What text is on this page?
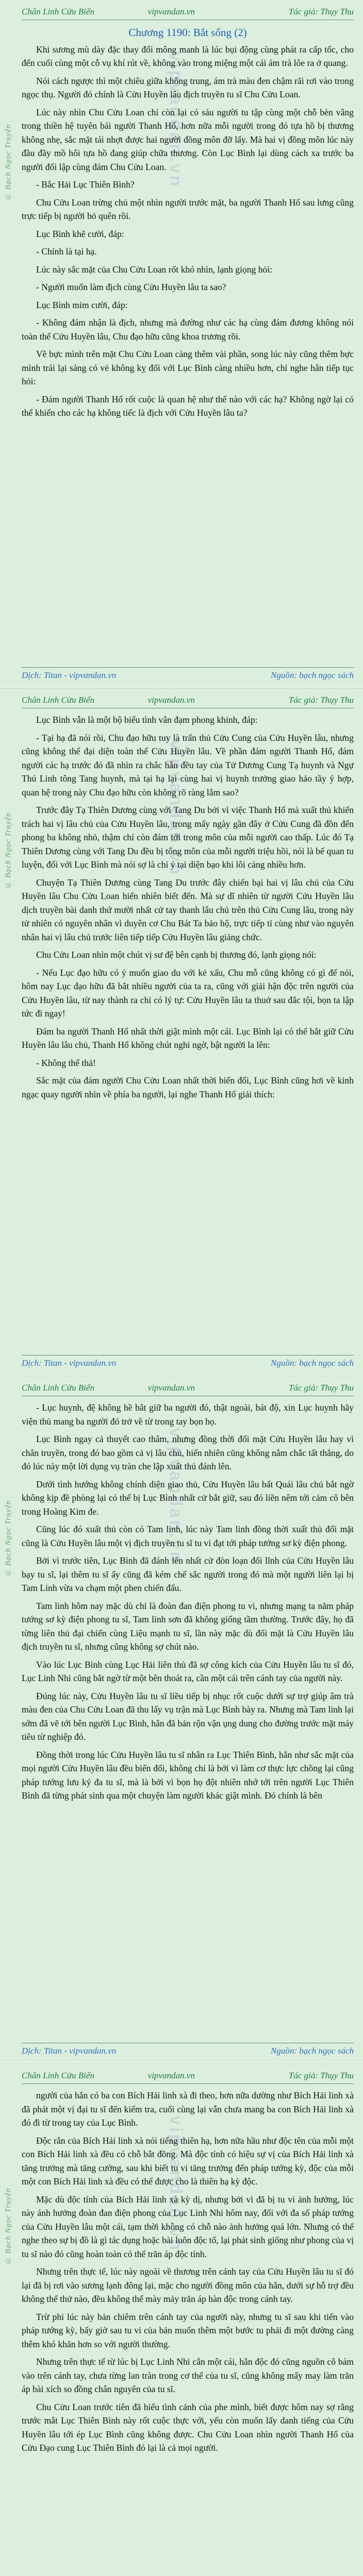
© Bạch Ngọc Truyện
Chân Linh Cửu Biến	vipvandan.vn	Tác giả: Thụy Thu
vipvandan.vn
Chương 1190: Bắt sống (2)

Khi sương mù dày đặc thay đổi mông manh là lúc bụi động cùng phát ra cấp tốc, cho đến cuối cùng một cỗ vụ khí rút về, không vào trong miệng một cái ám trà lôe ra ở quang.

Nói cách ngược thì một chiêu giữa không trung, ám trà màu đen chậm rãi rơi vào trong ngọc thụ. Người đó chính là Cửu Huyền lâu địch truyền tu sĩ Chu Cửu Loan.

Lúc này nhìn Chu Cửu Loan chỉ còn lại có sáu người tu tập cùng một chỗ bèn vâng trong thiền hệ tuyên bái người Thanh Hổ, hơn nữa mỗi người trong đó tựa hồ bị thương không nhẹ, sắc mặt tái nhợt được hai người đồng môn đỡ lấy. Mà hai vị đồng môn lúc này đầu đầy mồ hôi tựa hồ đang giúp chữa thương. Còn Lục Bình lại dùng cách xa trước ba người đối lập cùng đám Chu Cửu Loan.

- Bắc Hải Lục Thiên Bình?

Chu Cửu Loan trừng chủ một nhìn người trước mặt, ba người Thanh Hổ sau lưng cũng trực tiếp bị người bỏ quên rồi.

Lục Bình khẽ cười, đáp:

- Chính là tại hạ.

Lúc này sắc mặt của Chu Cửu Loan rốt khó nhìn, lạnh giọng hỏi:

- Người muốn làm địch cùng Cửu Huyền lâu ta sao?

Lục Bình mỉm cười, đáp:

- Không đám nhận là địch, nhưng mà đường như các hạ cùng đám đương không nói toàn thể Cửu Huyền lâu, Chu đạo hữu cũng khoa trương rồi.

Về bực mình trên mặt Chu Cửu Loan càng thêm vài phần, song lúc này cũng thêm bực mình trái lại sáng có vẻ không kỵ đối với Lục Bình càng nhiều hơn, chỉ nghe hắn tiếp tục hỏi:

- Đám người Thanh Hổ rốt cuộc là quan hệ như thế nào với các hạ? Không ngờ lại có thể khiến cho các hạ không tiếc là địch với Cửu Huyền lâu ta?

Dịch: Titan - vipvandan.vn	Nguồn: bạch ngọc sách
© Bạch Ngọc Truyện
Chân Linh Cửu Biến	vipvandan.vn	Tác giả: Thụy Thu
vipvandan.vn

Lục Bình vẫn là một bộ biểu tình vân đạm phong khinh, đáp:

- Tại hạ đã nói rồi, Chu đạo hữu tuy là trấn thủ Cửu Cung của Cửu Huyền lâu, nhưng cũng không thể đại diện toàn thể Cửu Huyền lâu. Về phần đám người Thanh Hổ, đám người các hạ trước đó đã nhìn ra chắc hẳn đều tay của Tử Dương Cung Tạ huynh và Ngự Thú Linh tông Tang huynh, mà tại hạ lại cùng hai vị huynh trưởng giao hảo tầy ý hợp, quan hệ trong này Chu đạo hữu còn không rõ ràng lắm sao?

Trước đây Tạ Thiên Dương cùng với Tang Du bởi vì việc Thanh Hổ mà xuất thủ khiến trách hai vị lâu chủ của Cửu Huyền lâu, trong mấy ngày gần đây ở Cửu Cung đã đồn đến phong ba không nhỏ, thậm chí còn đám tới trong môn của mỗi người cao thấp. Lúc đó Tạ Thiên Dương cùng với Tang Du đều bị tông môn của mỗi người triệu hồi, nói là bế quan tu luyện, đối với Lục Bình mà nói sợ là chỉ ý tại diện bạo khi lôi cảng nhiều hơn.

Chuyện Tạ Thiên Dương cùng Tang Du trước đây chiến bại hai vị lâu chủ của Cửu Huyền lâu Chu Cửu Loan hiển nhiên biết đến. Mà sự dĩ nhiên từ người Cửu Huyền lâu dịch truyền bài danh thứ mười nhất cử tay thanh lâu chủ trên thủ Cửu Cung lâu, trong này tử nhiên có nguyên nhân vì duyên cơ Chu Bát Ta bảo hộ, trực tiếp tỉ cùng như vào nguyên nhân hai vị lâu chủ trước liên tiếp tiếp Cửu Huyền lâu giảng chức.

Chu Cửu Loan nhìn một chút vị sư đệ bên cạnh bị thương đó, lạnh giọng nói:

- Nếu Lục đạo hữu có ý muốn giao du với kẻ xấu, Chu mỗ cũng không có gì để nói, hôm nay Lục đạo hữu đã bắt nhiều người của ta ra, cũng với giải hận độc trên người của Cửu Huyền lâu, từ nay thành ra chỉ có lý tự: Cửu Huyền lâu ta thuở sau đắc tội, bọn ta lập tức đi ngay!

Đám ba người Thanh Hổ nhất thời giật mình một cái. Lục Bình lại có thể bắt giữ Cửu Huyền lâu lâu chủ, Thanh Hổ không chút nghi ngờ, bật người la lên:

- Không thể thả!

Sắc mặt của đám người Chu Cửu Loan nhất thời biến đổi, Lục Bình cũng hơi về kinh ngạc quay người nhìn về phía ba người, lại nghe Thanh Hổ giải thích:

Dịch: Titan - vipvandan.vn	Nguồn: bạch ngọc sách
© Bạch Ngọc Truyện
Chân Linh Cửu Biến	vipvandan.vn	Tác giả: Thụy Thu
vipvandan.vn

- Lục huynh, đệ không hề bắt giữ ba người đó, thật ngoài, bát độ, xin Lục huynh hãy viện thủ mang ba người đó trở về từ trong tay bọn họ.

Lục Bình ngay cả thuyết cao thâm, nhưng đồng thời đối mặt Cửu Huyền lâu hay vì chân truyền, trong đó bao gồm cả vị lâu chủ, hiển nhiên cũng không nắm chắc tất thắng, do đó lúc này một lời dụng vụ tràn che lập xuất thủ đánh lên.

Dưới tình hướng không chính diện giao thủ, Cửu Huyền lâu bất Quái lâu chủ bắt ngờ không kịp đề phòng lại có thể bị Lục Bình nhất cử bắt giữ, sau đó liền nêm tới cảm cô bên trong Hoàng Kim đe.

Cũng lúc đó xuất thủ còn có Tam linh, lúc này Tam linh đồng thời xuất thủ đối mặt cũng là Cửu Huyền lâu một vị địch truyền tu sĩ tu vi đạt tới pháp tướng sơ kỳ điện phong.

Bởi vì trước tiên, Lục Bình đã đánh lên nhất cử đòn loạn đối lĩnh của Cửu Huyền lâu bạy tu sĩ, lại thêm tu sĩ ấy cũng đã kém chế sắc người trong đó mà một người liên lại bị Tam Linh vừa va chạm một phen chiến đấu.

Tam linh hôm nay mặc dù chỉ là đoàn đan điện phong tu vi, nhưng mạng ta năm pháp tướng sơ kỳ điện phong tu sĩ, Tam linh sơn đã không giống tầm thường. Trước đây, họ đã từng liên thủ đại chiến cùng Liệu mạnh tu sĩ, lần này mặc dù đối mặt là Cửu Huyền lâu địch truyền tu sĩ, nhưng cũng không sợ chút nào.

Vào lúc Lục Bình cùng Lục Hải liên thủ đã sợ công kích của Cửu Huyền lâu tu sĩ đó, Lục Linh Nhi cũng bắt ngờ từ một bên thoát ra, cần một cái trên cánh tay của người này.

Đúng lúc này, Cửu Huyền lâu tu sĩ liều tiếp bị nhục rốt cuộc dưới sự trợ giúp âm trà màu đen của Chu Cửu Loan đã thu lấy vụ trận mà Lục Bình bày ra. Nhưng mà Tam linh lại sớm đã vẽ tới bên người Lục Bình, hắn đã bản rộn vận ụng dung cho đường trước mặt máy tiêu từ nghiệp đó.

Đồng thời trong lúc Cửu Huyền lâu tu sĩ nhân ra Lục Thiên Bình, hắn như sắc mặt của mọi người Cửu Huyền lâu đều biến đổi, không chỉ là bởi vì làm cơ thực lực chồng lại cũng pháp tướng lưu ký đa tu sĩ, mà là bởi vì bọn họ đột nhiên nhớ tới trên người Lục Thiên Bình đã từng phát sinh qua một chuyện làm người khác giật mình. Đó chính là bên

Dịch: Titan - vipvandan.vn	Nguồn: bạch ngọc sách
© Bạch Ngọc Truyện
Chân Linh Cửu Biến	vipvandan.vn	Tác giả: Thụy Thu
vipvandan.vn

người của hắn có ba con Bích Hải linh xà đi theo, hơn nữa dường như Bích Hải linh xà đã phát một vị đại tu sĩ đến kiếm tra, cuối cùng lại vẫn chưa mang ba con Bích Hải linh xà đó đi từ trong tay của Lục Bình.

Độc rắn của Bích Hải linh xà nói tiếng thiên hạ, hơn nữa hầu như độc tên của mỗi một con Bích Hải linh xà đều có chỗ bắt đồng. Mà độc tính có hiệu sự vị của Bích Hải linh xà tăng trưởng mà tăng cường, sau khi biết tu vi tăng trưởng đến pháp tướng kỳ, độc của mỗi một con Bích Hải linh xà đều có thể được cho là thiên hạ kỳ độc.

Mặc dù độc tính của Bích Hải linh xà kỳ dị, nhưng bởi vì đã bị tu vi ảnh hưởng, lúc này ánh hưởng đoàn đan điện phong của Lục Linh Nhi hôm nay, đối với đa số pháp tướng của Cửu Huyền lâu một cái, tạm thời không có chỗ nào ảnh hưởng quá lớn. Nhưng có thể nghe theo sự bị đồ là gì tác dụng hoặc bài luôn độc tố, lại phát sinh giống như phong của vị tu sĩ nào đó cũng hoàn toàn có thể trăn áp độc tính.

Nhưng trên thực tế, lúc này ngoài về thương trên cánh tay của Cửu Huyền lâu tu sĩ đó lại đã bị rơi vào sương lạnh đông lại, mặc cho người đồng môn của hắn, dưới sự hỗ trợ đều không thể thử nào, đều không thể mày mảy trăn áp hàn độc trong cánh tay.

Trừ phi lúc này bản chiêm trên cánh tay của người này, nhưng tu sĩ sau khi tiến vào pháp tướng kỳ, bấy giờ sau tu vi của bản muốn thêm một bước tu phải đi một đường càng thêm khó khăn hơn so với người thường.

Nhưng trên thực tế từ lúc bị Lục Linh Nhi cắn một cái, hắn độc đó cũng nguồn cô bám vào trên cánh tay, chưa từng lan tràn trong cơ thể của tu sĩ, cũng không mấy may làm trăn áp bài xích so đồng chân nguyên của tu sĩ.

Chu Cửu Loan trước tiên đã hiểu tình cảnh của phe mình, biết được hôm nay sợ rằng trước mắt Lục Thiên Bình này rốt cuộc thực với, yếu còn muốn lấy danh tiếng của Cửu Huyền lâu tới ép Lục Bình cũng không được. Chu Cửu Loan nhìn người Thanh Hổ của Cửu Đạo cung Lục Thiên Bình đó lại là cả mọi người.
